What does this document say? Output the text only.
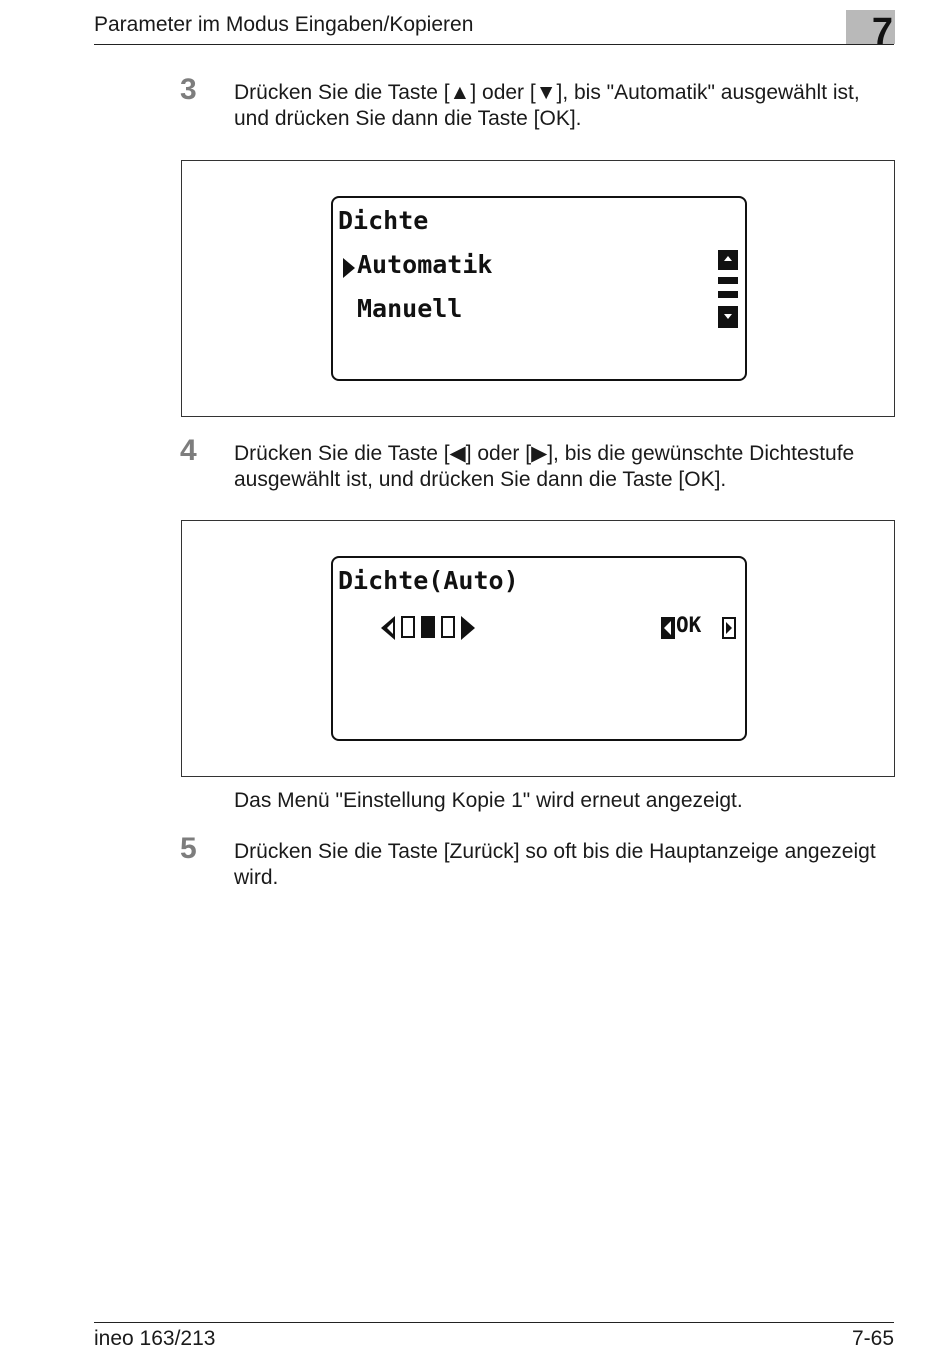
Parameter im Modus Eingaben/Kopieren	7
3 Drücken Sie die Taste [▲] oder [▼], bis "Automatik" ausgewählt ist, und drücken Sie dann die Taste [OK].
Dichte
Automatik
Manuell
4 Drücken Sie die Taste [◀] oder [▶], bis die gewünschte Dichtestufe ausgewählt ist, und drücken Sie dann die Taste [OK].
Dichte(Auto)
OK
Das Menü "Einstellung Kopie 1" wird erneut angezeigt.
5 Drücken Sie die Taste [Zurück] so oft bis die Hauptanzeige angezeigt wird.
ineo 163/213	7-65
